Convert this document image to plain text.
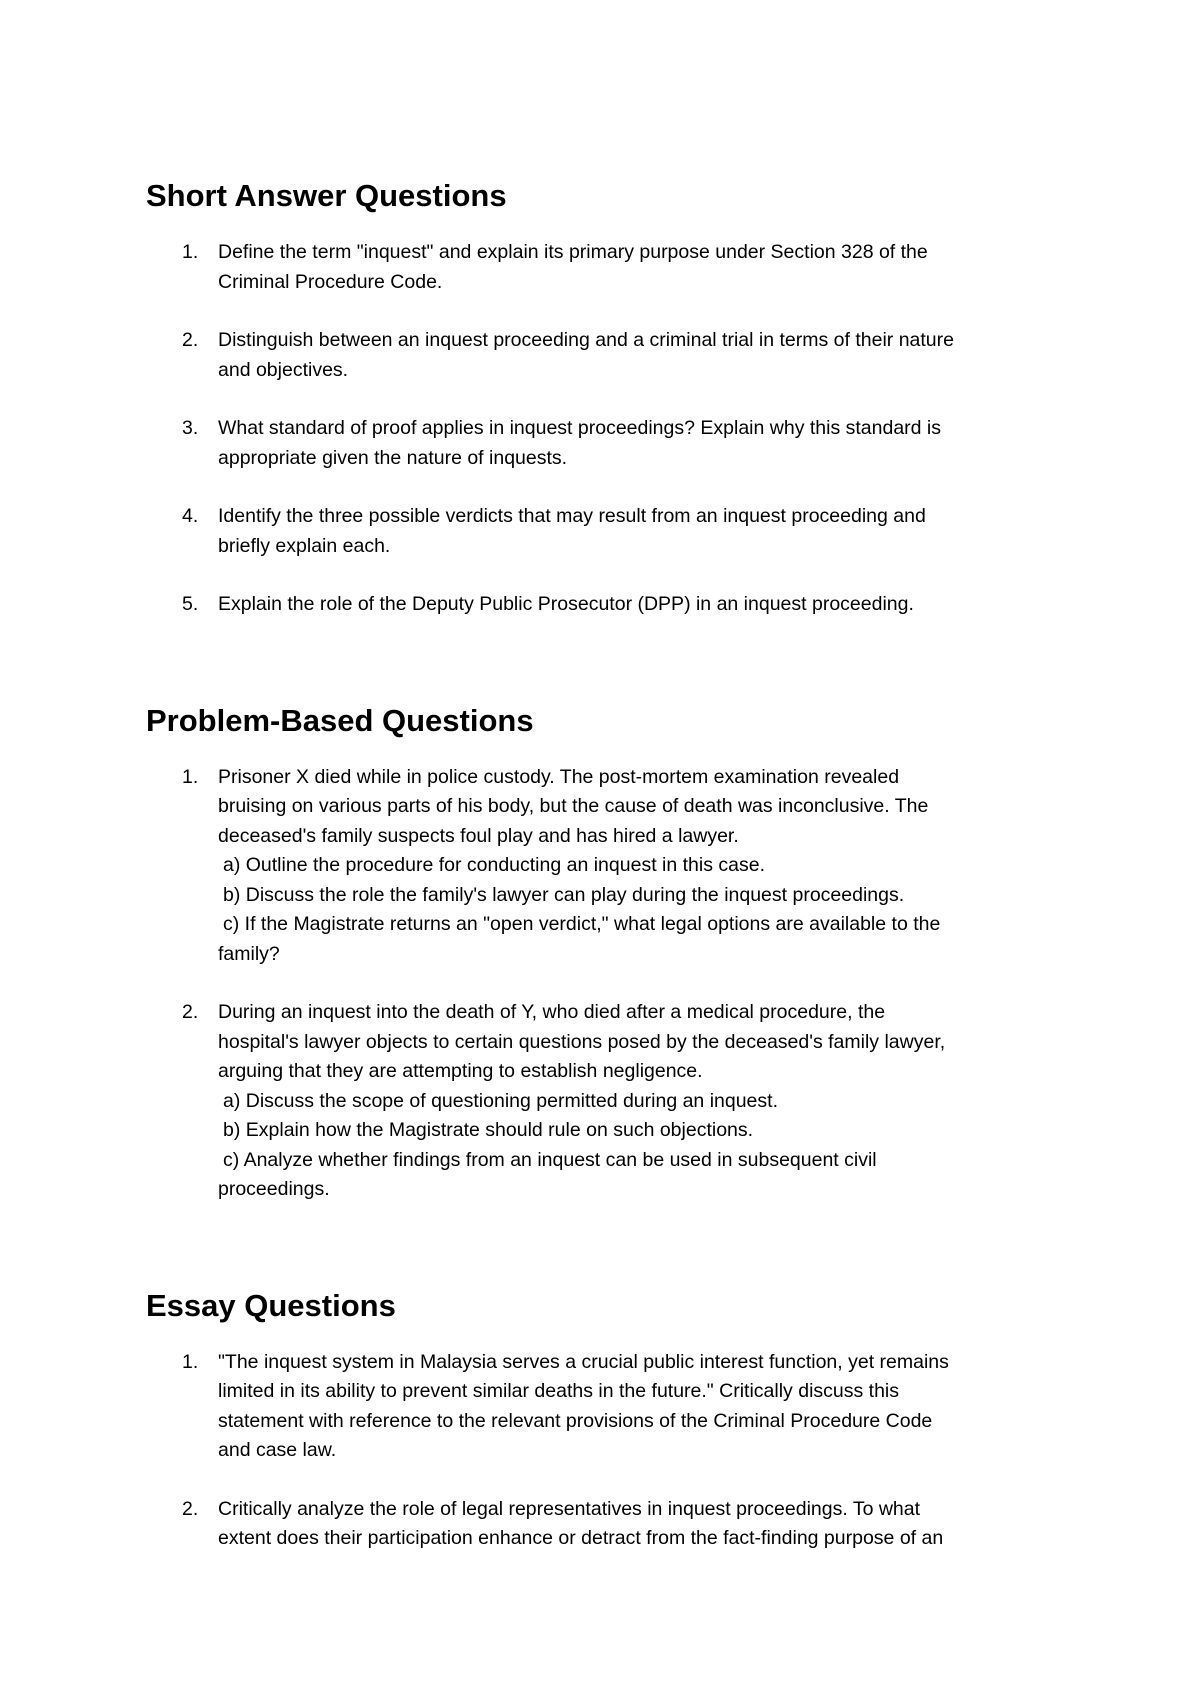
Short Answer Questions
1.	Define the term "inquest" and explain its primary purpose under Section 328 of the
Criminal Procedure Code.
2.	Distinguish between an inquest proceeding and a criminal trial in terms of their nature
and objectives.
3.	What standard of proof applies in inquest proceedings? Explain why this standard is
appropriate given the nature of inquests.
4.	Identify the three possible verdicts that may result from an inquest proceeding and
briefly explain each.
5.	Explain the role of the Deputy Public Prosecutor (DPP) in an inquest proceeding.
Problem-Based Questions
1.	Prisoner X died while in police custody. The post-mortem examination revealed
bruising on various parts of his body, but the cause of death was inconclusive. The
deceased's family suspects foul play and has hired a lawyer.
a) Outline the procedure for conducting an inquest in this case.
b) Discuss the role the family's lawyer can play during the inquest proceedings.
c) If the Magistrate returns an "open verdict," what legal options are available to the
family?
2.	During an inquest into the death of Y, who died after a medical procedure, the
hospital's lawyer objects to certain questions posed by the deceased's family lawyer,
arguing that they are attempting to establish negligence.
a) Discuss the scope of questioning permitted during an inquest.
b) Explain how the Magistrate should rule on such objections.
c) Analyze whether findings from an inquest can be used in subsequent civil
proceedings.
Essay Questions
1.	"The inquest system in Malaysia serves a crucial public interest function, yet remains
limited in its ability to prevent similar deaths in the future." Critically discuss this
statement with reference to the relevant provisions of the Criminal Procedure Code
and case law.
2.	Critically analyze the role of legal representatives in inquest proceedings. To what
extent does their participation enhance or detract from the fact-finding purpose of an
